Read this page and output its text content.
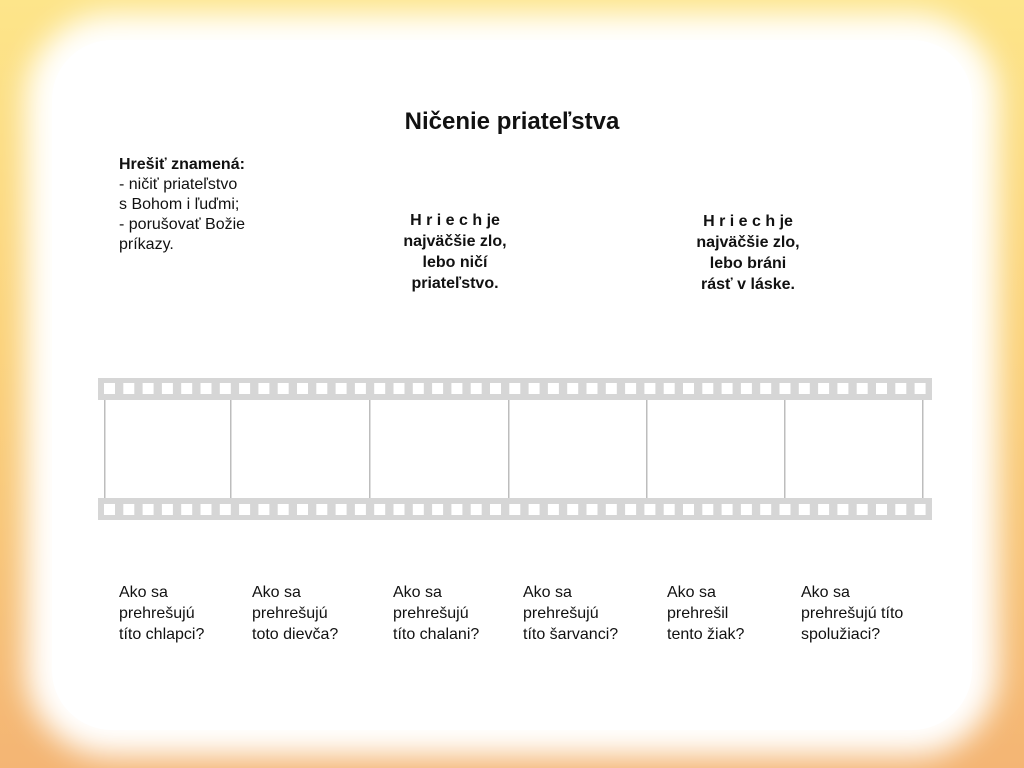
Ničenie priateľstva
Hrešiť znamená:
- ničiť priateľstvo
s Bohom i ľuďmi;
- porušovať Božie
príkazy.
H r i e c h je
najväčšie zlo,
lebo ničí
priateľstvo.
H r i e c h je
najväčšie zlo,
lebo bráni
rásť v láske.
Ako sa
prehrešujú
títo chlapci?
Ako sa
prehrešujú
toto dievča?
Ako sa
prehrešujú
títo chalani?
Ako sa
prehrešujú
títo šarvanci?
Ako sa
prehrešil
tento žiak?
Ako sa
prehrešujú títo
spolužiaci?
